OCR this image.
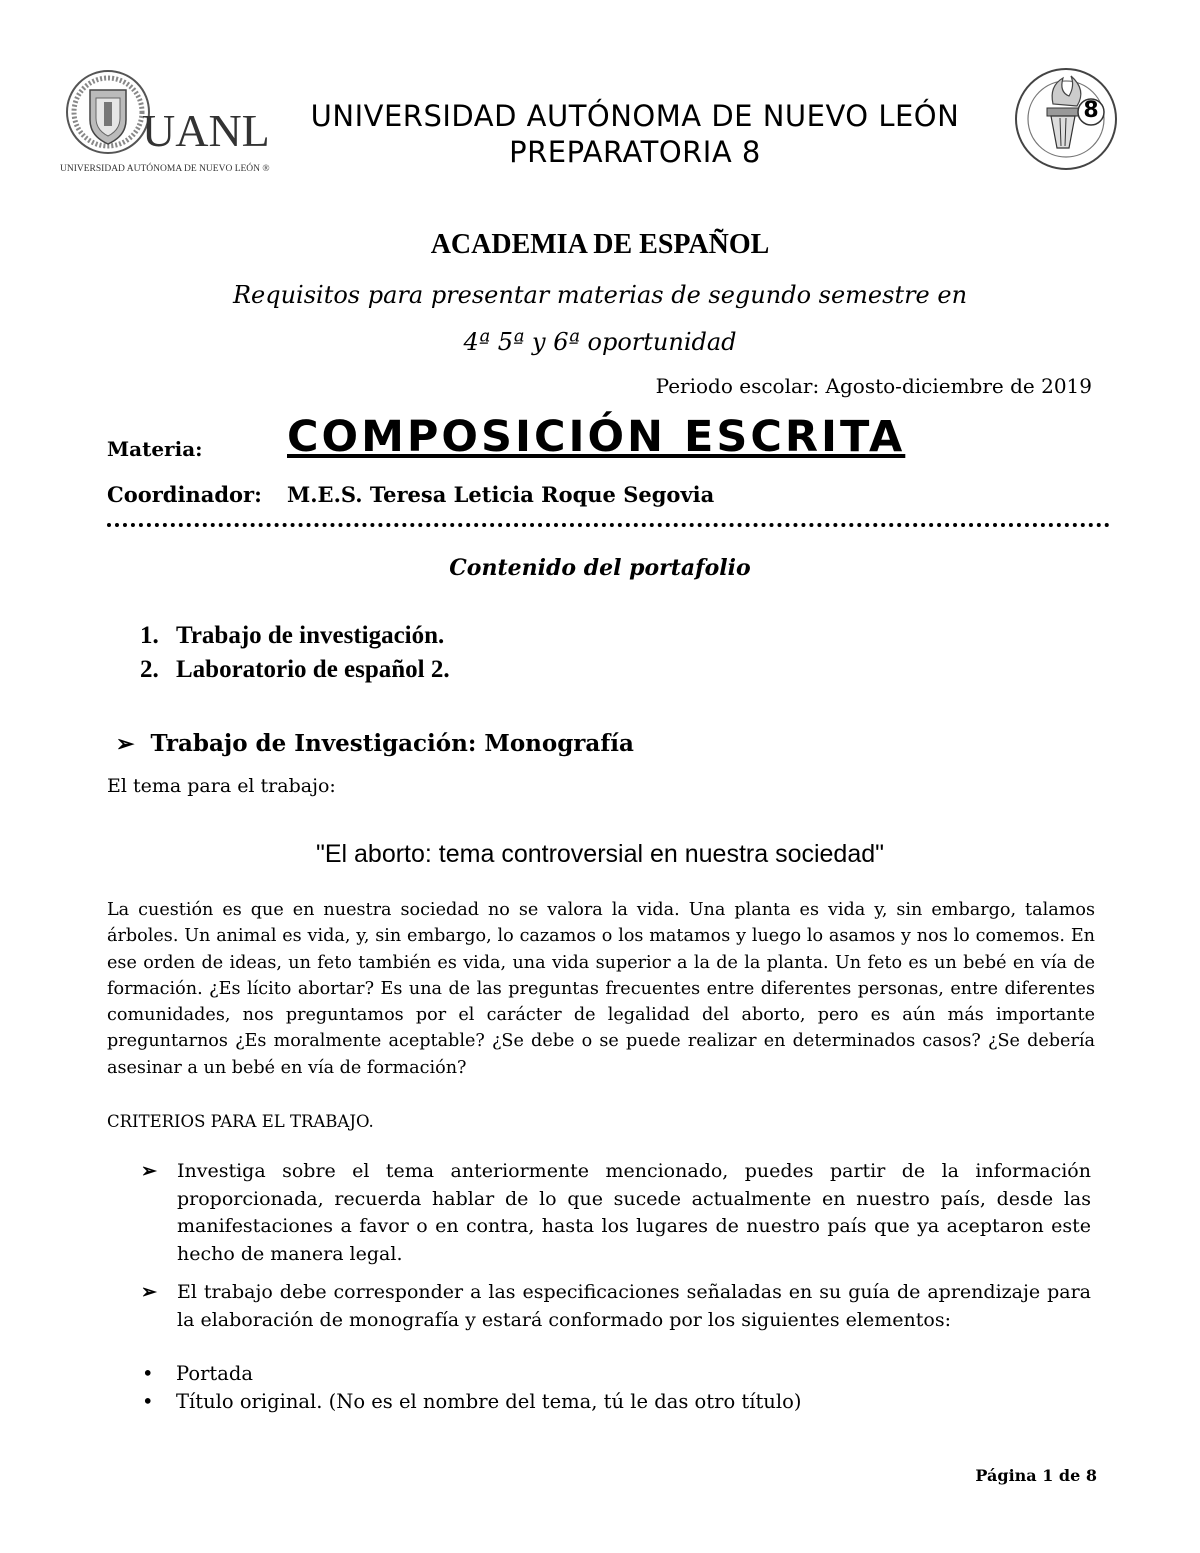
UANL
UNIVERSIDAD AUTÓNOMA DE NUEVO LEÓN ®
UNIVERSIDAD AUTÓNOMA DE NUEVO LEÓN
PREPARATORIA 8
8
ACADEMIA DE ESPAÑOL
Requisitos para presentar materias de segundo semestre en
4ª 5ª y 6ª oportunidad
Periodo escolar: Agosto-diciembre de 2019
Materia: COMPOSICIÓN ESCRITA
Coordinador: M.E.S. Teresa Leticia Roque Segovia
Contenido del portafolio
1. Trabajo de investigación.
2. Laboratorio de español 2.
➢ Trabajo de Investigación: Monografía
El tema para el trabajo:
"El aborto: tema controversial en nuestra sociedad"
La cuestión es que en nuestra sociedad no se valora la vida. Una planta es vida y, sin embargo, talamos árboles. Un animal es vida, y, sin embargo, lo cazamos o los matamos y luego lo asamos y nos lo comemos. En ese orden de ideas, un feto también es vida, una vida superior a la de la planta. Un feto es un bebé en vía de formación. ¿Es lícito abortar? Es una de las preguntas frecuentes entre diferentes personas, entre diferentes comunidades, nos preguntamos por el carácter de legalidad del aborto, pero es aún más importante preguntarnos ¿Es moralmente aceptable? ¿Se debe o se puede realizar en determinados casos? ¿Se debería asesinar a un bebé en vía de formación?
CRITERIOS PARA EL TRABAJO.
➢ Investiga sobre el tema anteriormente mencionado, puedes partir de la información proporcionada, recuerda hablar de lo que sucede actualmente en nuestro país, desde las manifestaciones a favor o en contra, hasta los lugares de nuestro país que ya aceptaron este hecho de manera legal.
➢ El trabajo debe corresponder a las especificaciones señaladas en su guía de aprendizaje para la elaboración de monografía y estará conformado por los siguientes elementos:
• Portada
• Título original. (No es el nombre del tema, tú le das otro título)
Página 1 de 8
